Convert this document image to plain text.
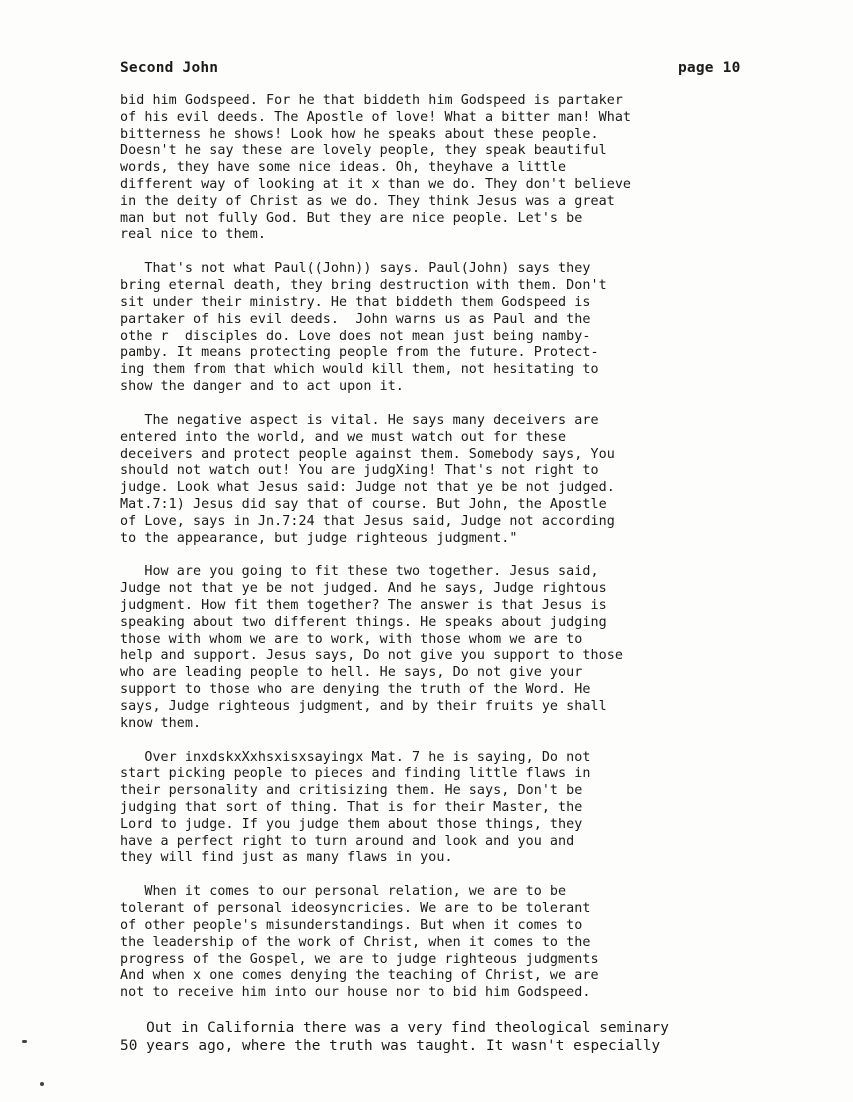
Second John	page 10
bid him Godspeed. For he that biddeth him Godspeed is partaker
of his evil deeds. The Apostle of love! What a bitter man! What
bitterness he shows! Look how he speaks about these people.
Doesn't he say these are lovely people, they speak beautiful
words, they have some nice ideas. Oh, theyhave a little
different way of looking at it x than we do. They don't believe
in the deity of Christ as we do. They think Jesus was a great
man but not fully God. But they are nice people. Let's be
real nice to them.
That's not what Paul((John)) says. Paul(John) says they
bring eternal death, they bring destruction with them. Don't
sit under their ministry. He that biddeth them Godspeed is
partaker of his evil deeds.  John warns us as Paul and the
othe r  disciples do. Love does not mean just being namby-
pamby. It means protecting people from the future. Protect-
ing them from that which would kill them, not hesitating to
show the danger and to act upon it.
The negative aspect is vital. He says many deceivers are
entered into the world, and we must watch out for these
deceivers and protect people against them. Somebody says, You
should not watch out! You are judgXing! That's not right to
judge. Look what Jesus said: Judge not that ye be not judged.
Mat.7:1) Jesus did say that of course. But John, the Apostle
of Love, says in Jn.7:24 that Jesus said, Judge not according
to the appearance, but judge righteous judgment."
How are you going to fit these two together. Jesus said,
Judge not that ye be not judged. And he says, Judge rightous
judgment. How fit them together? The answer is that Jesus is
speaking about two different things. He speaks about judging
those with whom we are to work, with those whom we are to
help and support. Jesus says, Do not give you support to those
who are leading people to hell. He says, Do not give your
support to those who are denying the truth of the Word. He
says, Judge righteous judgment, and by their fruits ye shall
know them.
Over inxdskxXxhsxisxsayingx Mat. 7 he is saying, Do not
start picking people to pieces and finding little flaws in
their personality and critisizing them. He says, Don't be
judging that sort of thing. That is for their Master, the
Lord to judge. If you judge them about those things, they
have a perfect right to turn around and look and you and
they will find just as many flaws in you.
When it comes to our personal relation, we are to be
tolerant of personal ideosyncricies. We are to be tolerant
of other people's misunderstandings. But when it comes to
the leadership of the work of Christ, when it comes to the
progress of the Gospel, we are to judge righteous judgments
And when x one comes denying the teaching of Christ, we are
not to receive him into our house nor to bid him Godspeed.
Out in California there was a very find theological seminary
50 years ago, where the truth was taught. It wasn't especially
